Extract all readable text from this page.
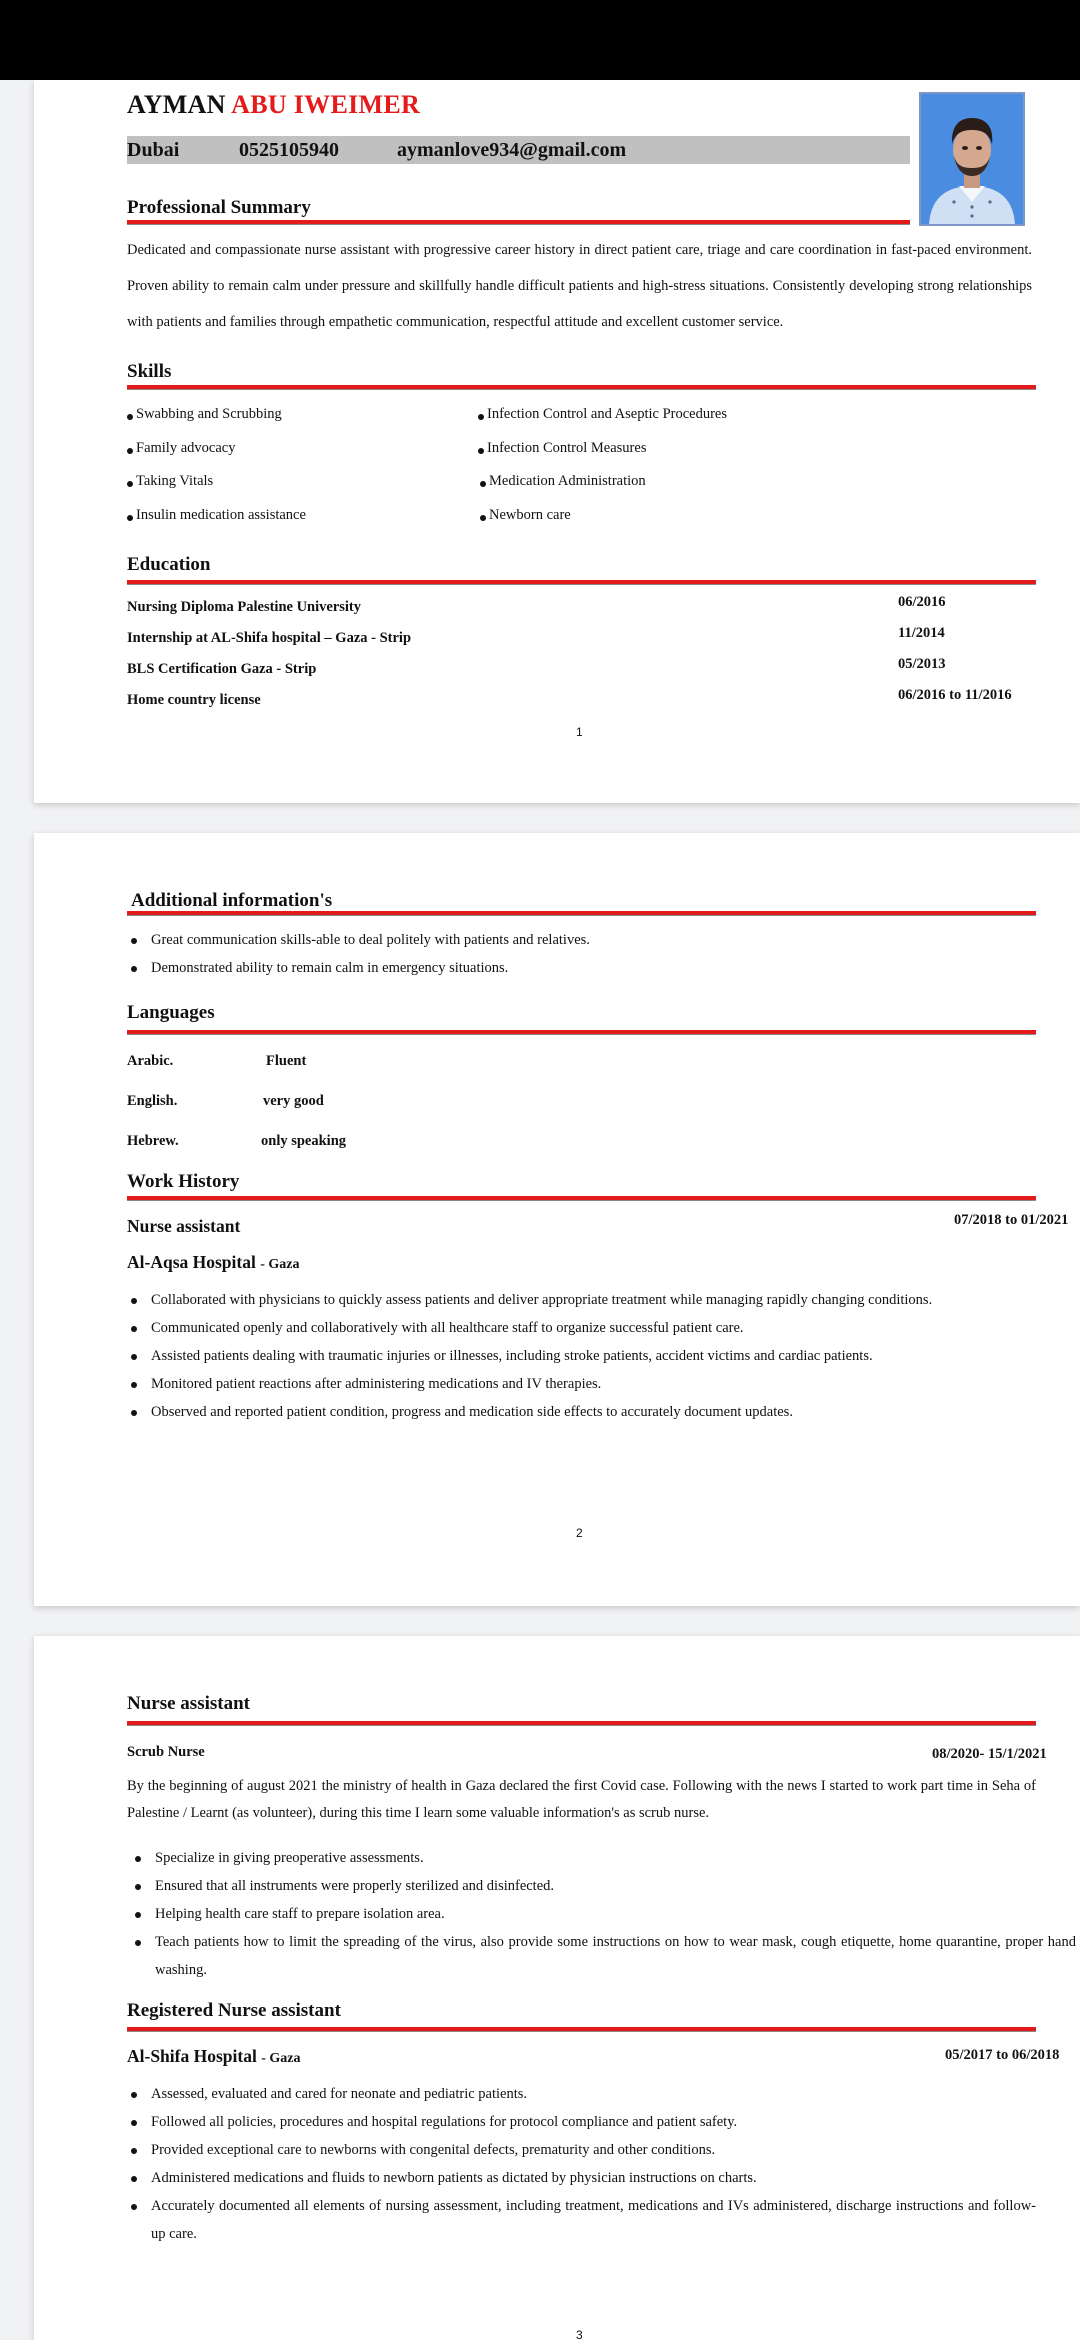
AYMAN ABU IWEIMER
Dubai	0525105940	aymanlove934@gmail.com
Professional Summary
Dedicated and compassionate nurse assistant with progressive career history in direct patient care, triage and care coordination in fast-paced environment. Proven ability to remain calm under pressure and skillfully handle difficult patients and high-stress situations. Consistently developing strong relationships with patients and families through empathetic communication, respectful attitude and excellent customer service.
Skills
Swabbing and Scrubbing
Family advocacy
Taking Vitals
Insulin medication assistance
Infection Control and Aseptic Procedures
Infection Control Measures
Medication Administration
Newborn care
Education
Nursing Diploma Palestine University	06/2016
Internship at AL-Shifa hospital – Gaza - Strip	11/2014
BLS Certification Gaza - Strip	05/2013
Home country license	06/2016 to 11/2016
1
Additional information's
Great communication skills-able to deal politely with patients and relatives.
Demonstrated ability to remain calm in emergency situations.
Languages
Arabic.	Fluent
English.	very good
Hebrew.	only speaking
Work History
Nurse assistant	07/2018 to 01/2021
Al-Aqsa Hospital - Gaza
Collaborated with physicians to quickly assess patients and deliver appropriate treatment while managing rapidly changing conditions.
Communicated openly and collaboratively with all healthcare staff to organize successful patient care.
Assisted patients dealing with traumatic injuries or illnesses, including stroke patients, accident victims and cardiac patients.
Monitored patient reactions after administering medications and IV therapies.
Observed and reported patient condition, progress and medication side effects to accurately document updates.
2
Nurse assistant
Scrub Nurse	08/2020- 15/1/2021
By the beginning of august 2021 the ministry of health in Gaza declared the first Covid case. Following with the news I started to work part time in Seha of Palestine / Learnt (as volunteer), during this time I learn some valuable information's as scrub nurse.
Specialize in giving preoperative assessments.
Ensured that all instruments were properly sterilized and disinfected.
Helping health care staff to prepare isolation area.
Teach patients how to limit the spreading of the virus, also provide some instructions on how to wear mask, cough etiquette, home quarantine, proper hand washing.
Registered Nurse assistant
Al-Shifa Hospital - Gaza	05/2017 to 06/2018
Assessed, evaluated and cared for neonate and pediatric patients.
Followed all policies, procedures and hospital regulations for protocol compliance and patient safety.
Provided exceptional care to newborns with congenital defects, prematurity and other conditions.
Administered medications and fluids to newborn patients as dictated by physician instructions on charts.
Accurately documented all elements of nursing assessment, including treatment, medications and IVs administered, discharge instructions and follow-up care.
3
